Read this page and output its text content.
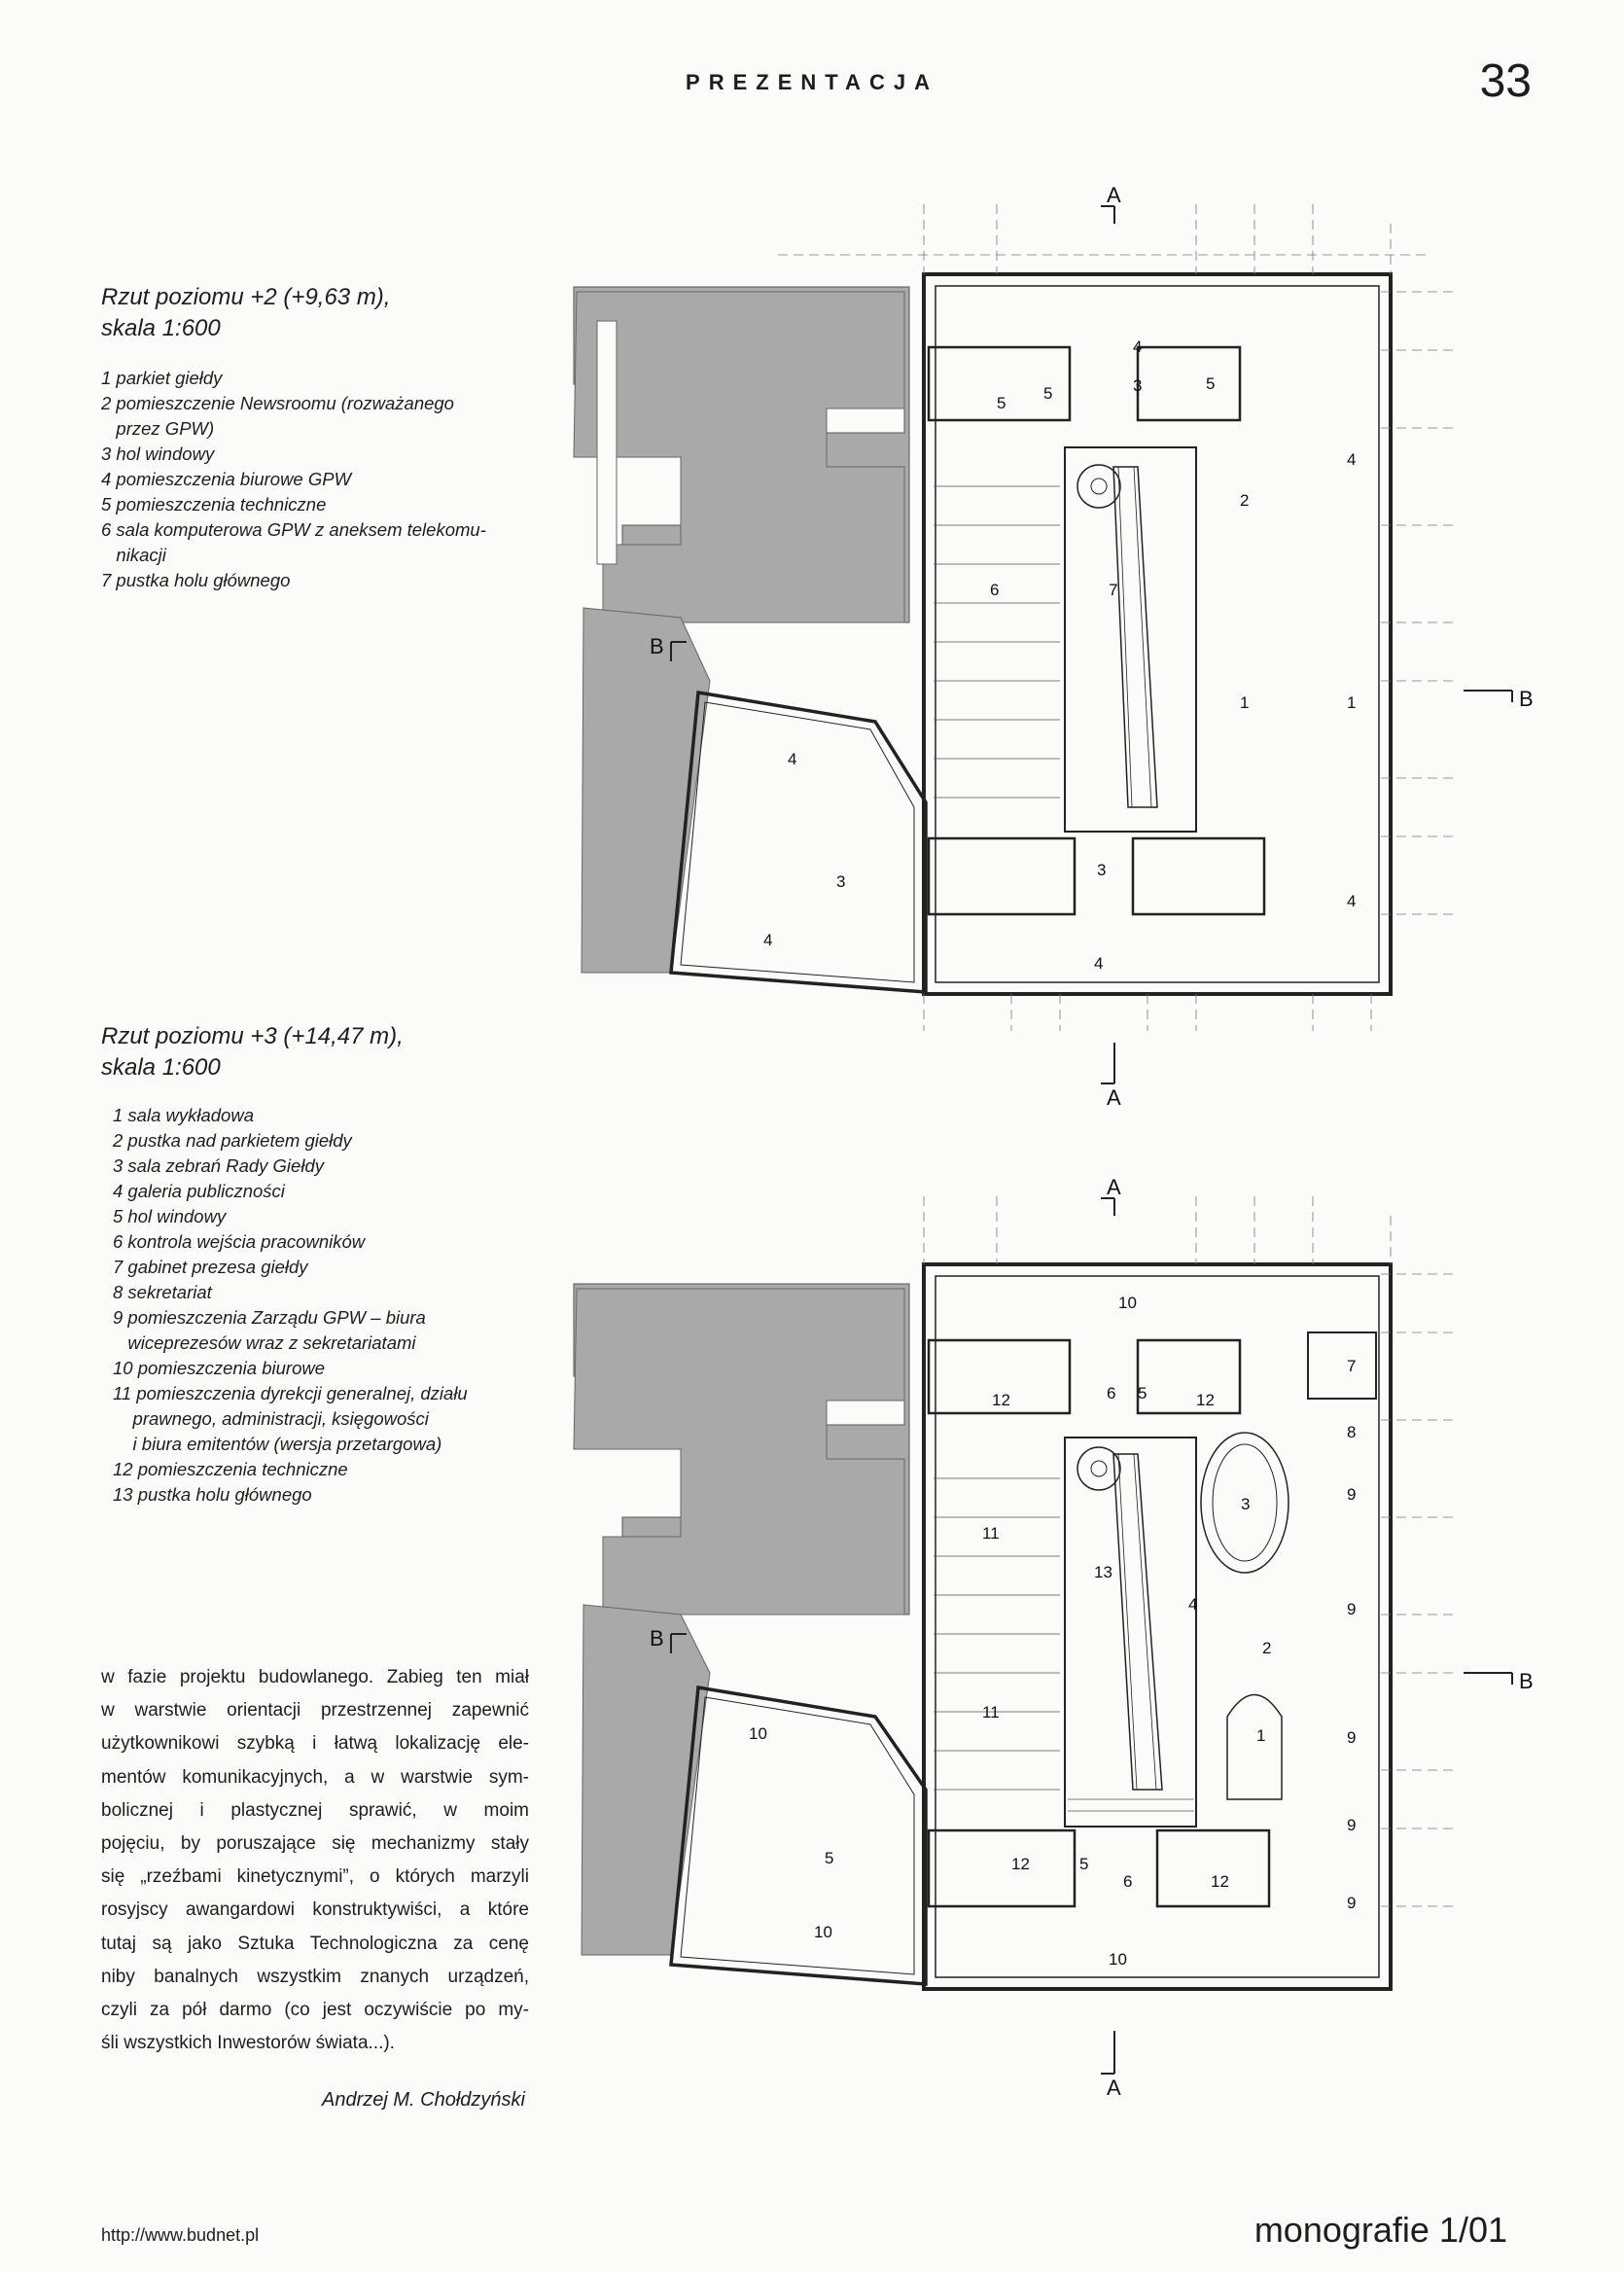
PREZENTACJA	33
Rzut poziomu +2 (+9,63 m),
skala 1:600
1 parkiet giełdy
2 pomieszczenie Newsroomu (rozważanego
przez GPW)
3 hol windowy
4 pomieszczenia biurowe GPW
5 pomieszczenia techniczne
6 sala komputerowa GPW z aneksem telekomu-
nikacji
7 pustka holu głównego
Rzut poziomu +3 (+14,47 m),
skala 1:600
1 sala wykładowa
2 pustka nad parkietem giełdy
3 sala zebrań Rady Giełdy
4 galeria publiczności
5 hol windowy
6 kontrola wejścia pracowników
7 gabinet prezesa giełdy
8 sekretariat
9 pomieszczenia Zarządu GPW – biura
wiceprezesów wraz z sekretariatami
10 pomieszczenia biurowe
11 pomieszczenia dyrekcji generalnej, działu
prawnego, administracji, księgowości
i biura emitentów (wersja przetargowa)
12 pomieszczenia techniczne
13 pustka holu głównego

w fazie projektu budowlanego. Zabieg ten miał

w warstwie orientacji przestrzennej zapewnić

użytkownikowi szybką i łatwą lokalizację ele-

mentów komunikacyjnych, a w warstwie sym-

bolicznej i plastycznej sprawić, w moim

pojęciu, by poruszające się mechanizmy stały

się „rzeźbami kinetycznymi”, o których marzyli

rosyjscy awangardowi konstruktywiści, a które

tutaj są jako Sztuka Technologiczna za cenę

niby banalnych wszystkim znanych urządzeń,

czyli za pół darmo (co jest oczywiście po my-

śli wszystkich Inwestorów świata...).

Andrzej M. Chołdzyński
http://www.budnet.pl	monografie 1/01
A
A
B
B
4
3
5
5
5
4
2
6	7
1	1
4
3
4
3
4
4
A
A
B
B
10
12	6 5	12
7
8
3
9
11
13
4	9
2
11
1
10	9
5
9
12	5
6	12
9
10
10
